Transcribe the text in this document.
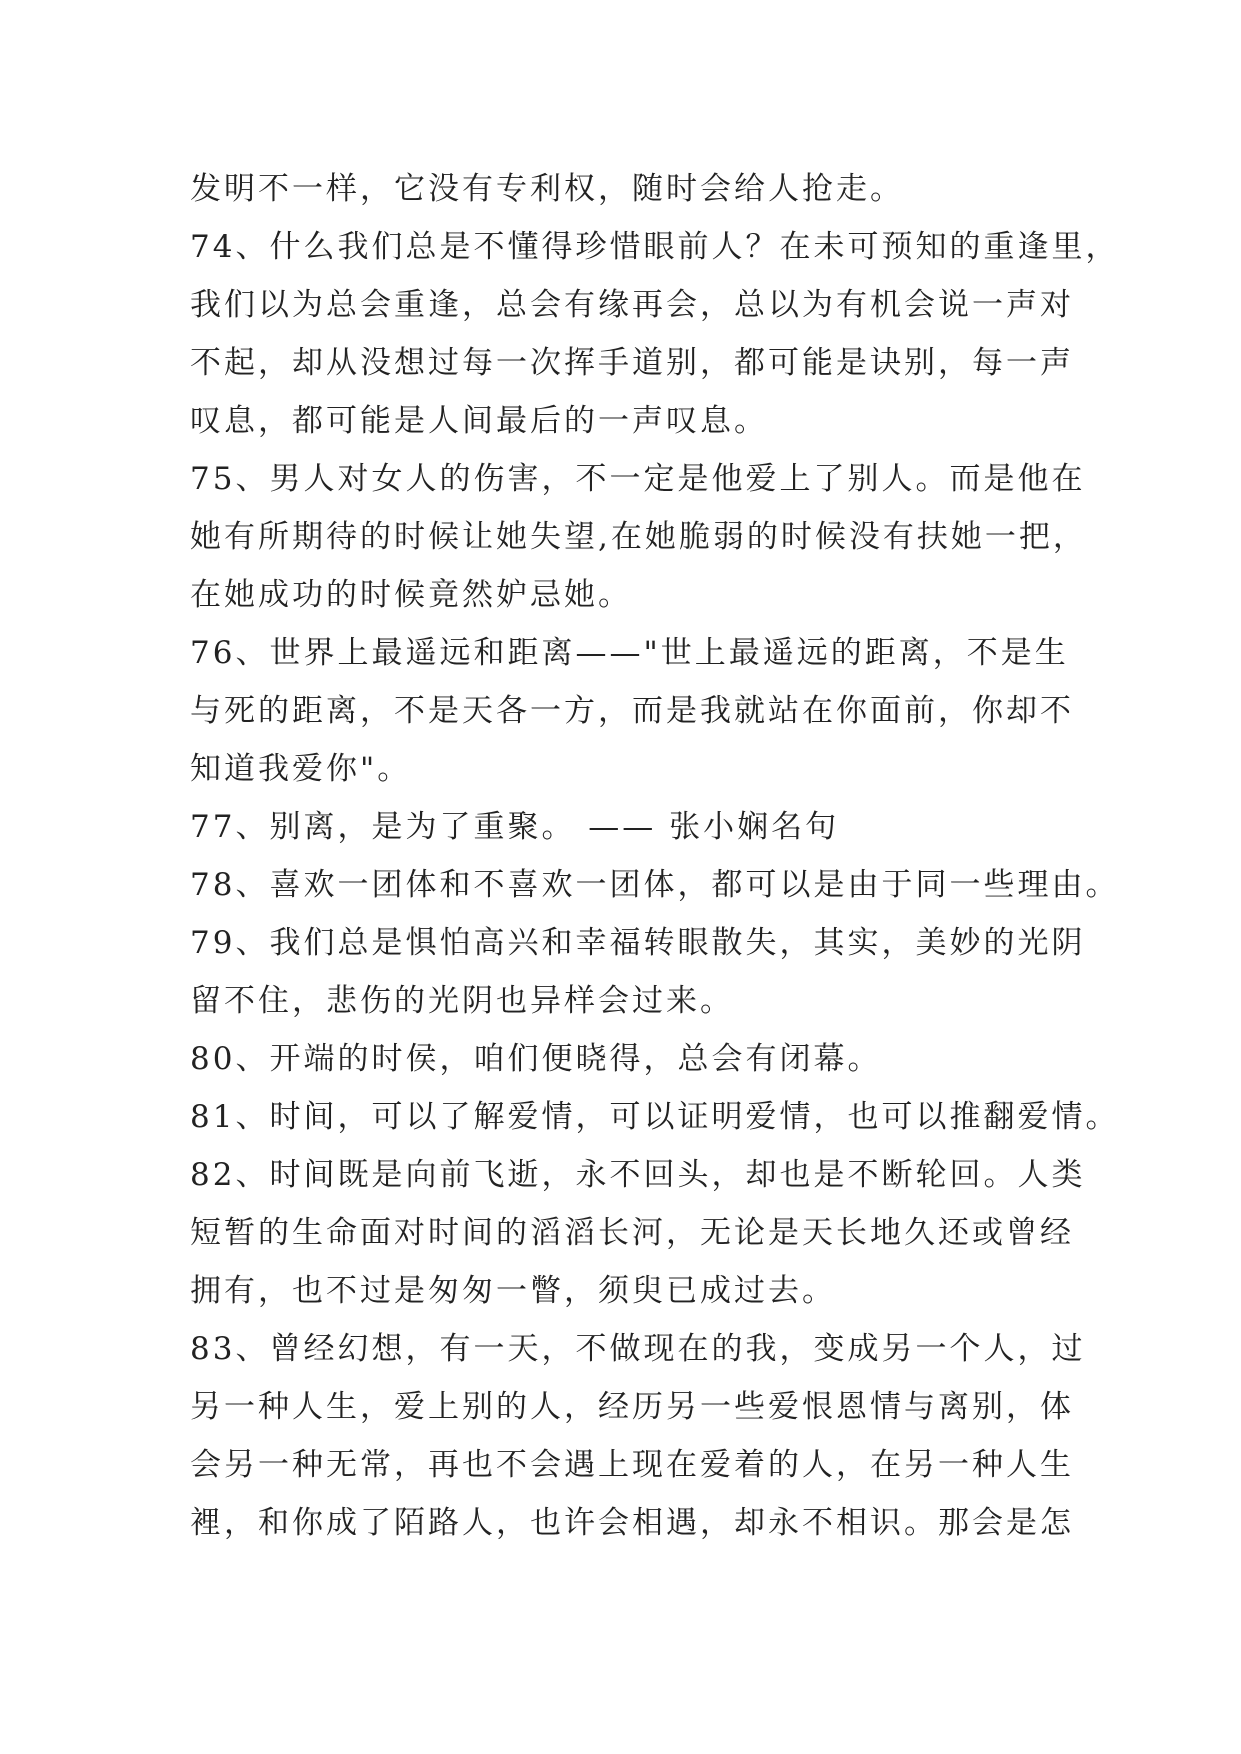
发明不一样，它没有专利权，随时会给人抢走。
74、什么我们总是不懂得珍惜眼前人？在未可预知的重逢里，
我们以为总会重逢，总会有缘再会，总以为有机会说一声对
不起，却从没想过每一次挥手道别，都可能是诀别，每一声
叹息，都可能是人间最后的一声叹息。
75、男人对女人的伤害，不一定是他爱上了别人。而是他在
她有所期待的时候让她失望,在她脆弱的时候没有扶她一把，
在她成功的时候竟然妒忌她。
76、世界上最遥远和距离——"世上最遥远的距离，不是生
与死的距离，不是天各一方，而是我就站在你面前，你却不
知道我爱你"。
77、别离，是为了重聚。 —— 张小娴名句
78、喜欢一团体和不喜欢一团体，都可以是由于同一些理由。
79、我们总是惧怕高兴和幸福转眼散失，其实，美妙的光阴
留不住，悲伤的光阴也异样会过来。
80、开端的时侯，咱们便晓得，总会有闭幕。
81、时间，可以了解爱情，可以证明爱情，也可以推翻爱情。
82、时间既是向前飞逝，永不回头，却也是不断轮回。人类
短暂的生命面对时间的滔滔长河，无论是天长地久还或曾经
拥有，也不过是匆匆一瞥，须臾已成过去。
83、曾经幻想，有一天，不做现在的我，变成另一个人，过
另一种人生，爱上别的人，经历另一些爱恨恩情与离别，体
会另一种无常，再也不会遇上现在爱着的人，在另一种人生
裡，和你成了陌路人，也许会相遇，却永不相识。那会是怎
